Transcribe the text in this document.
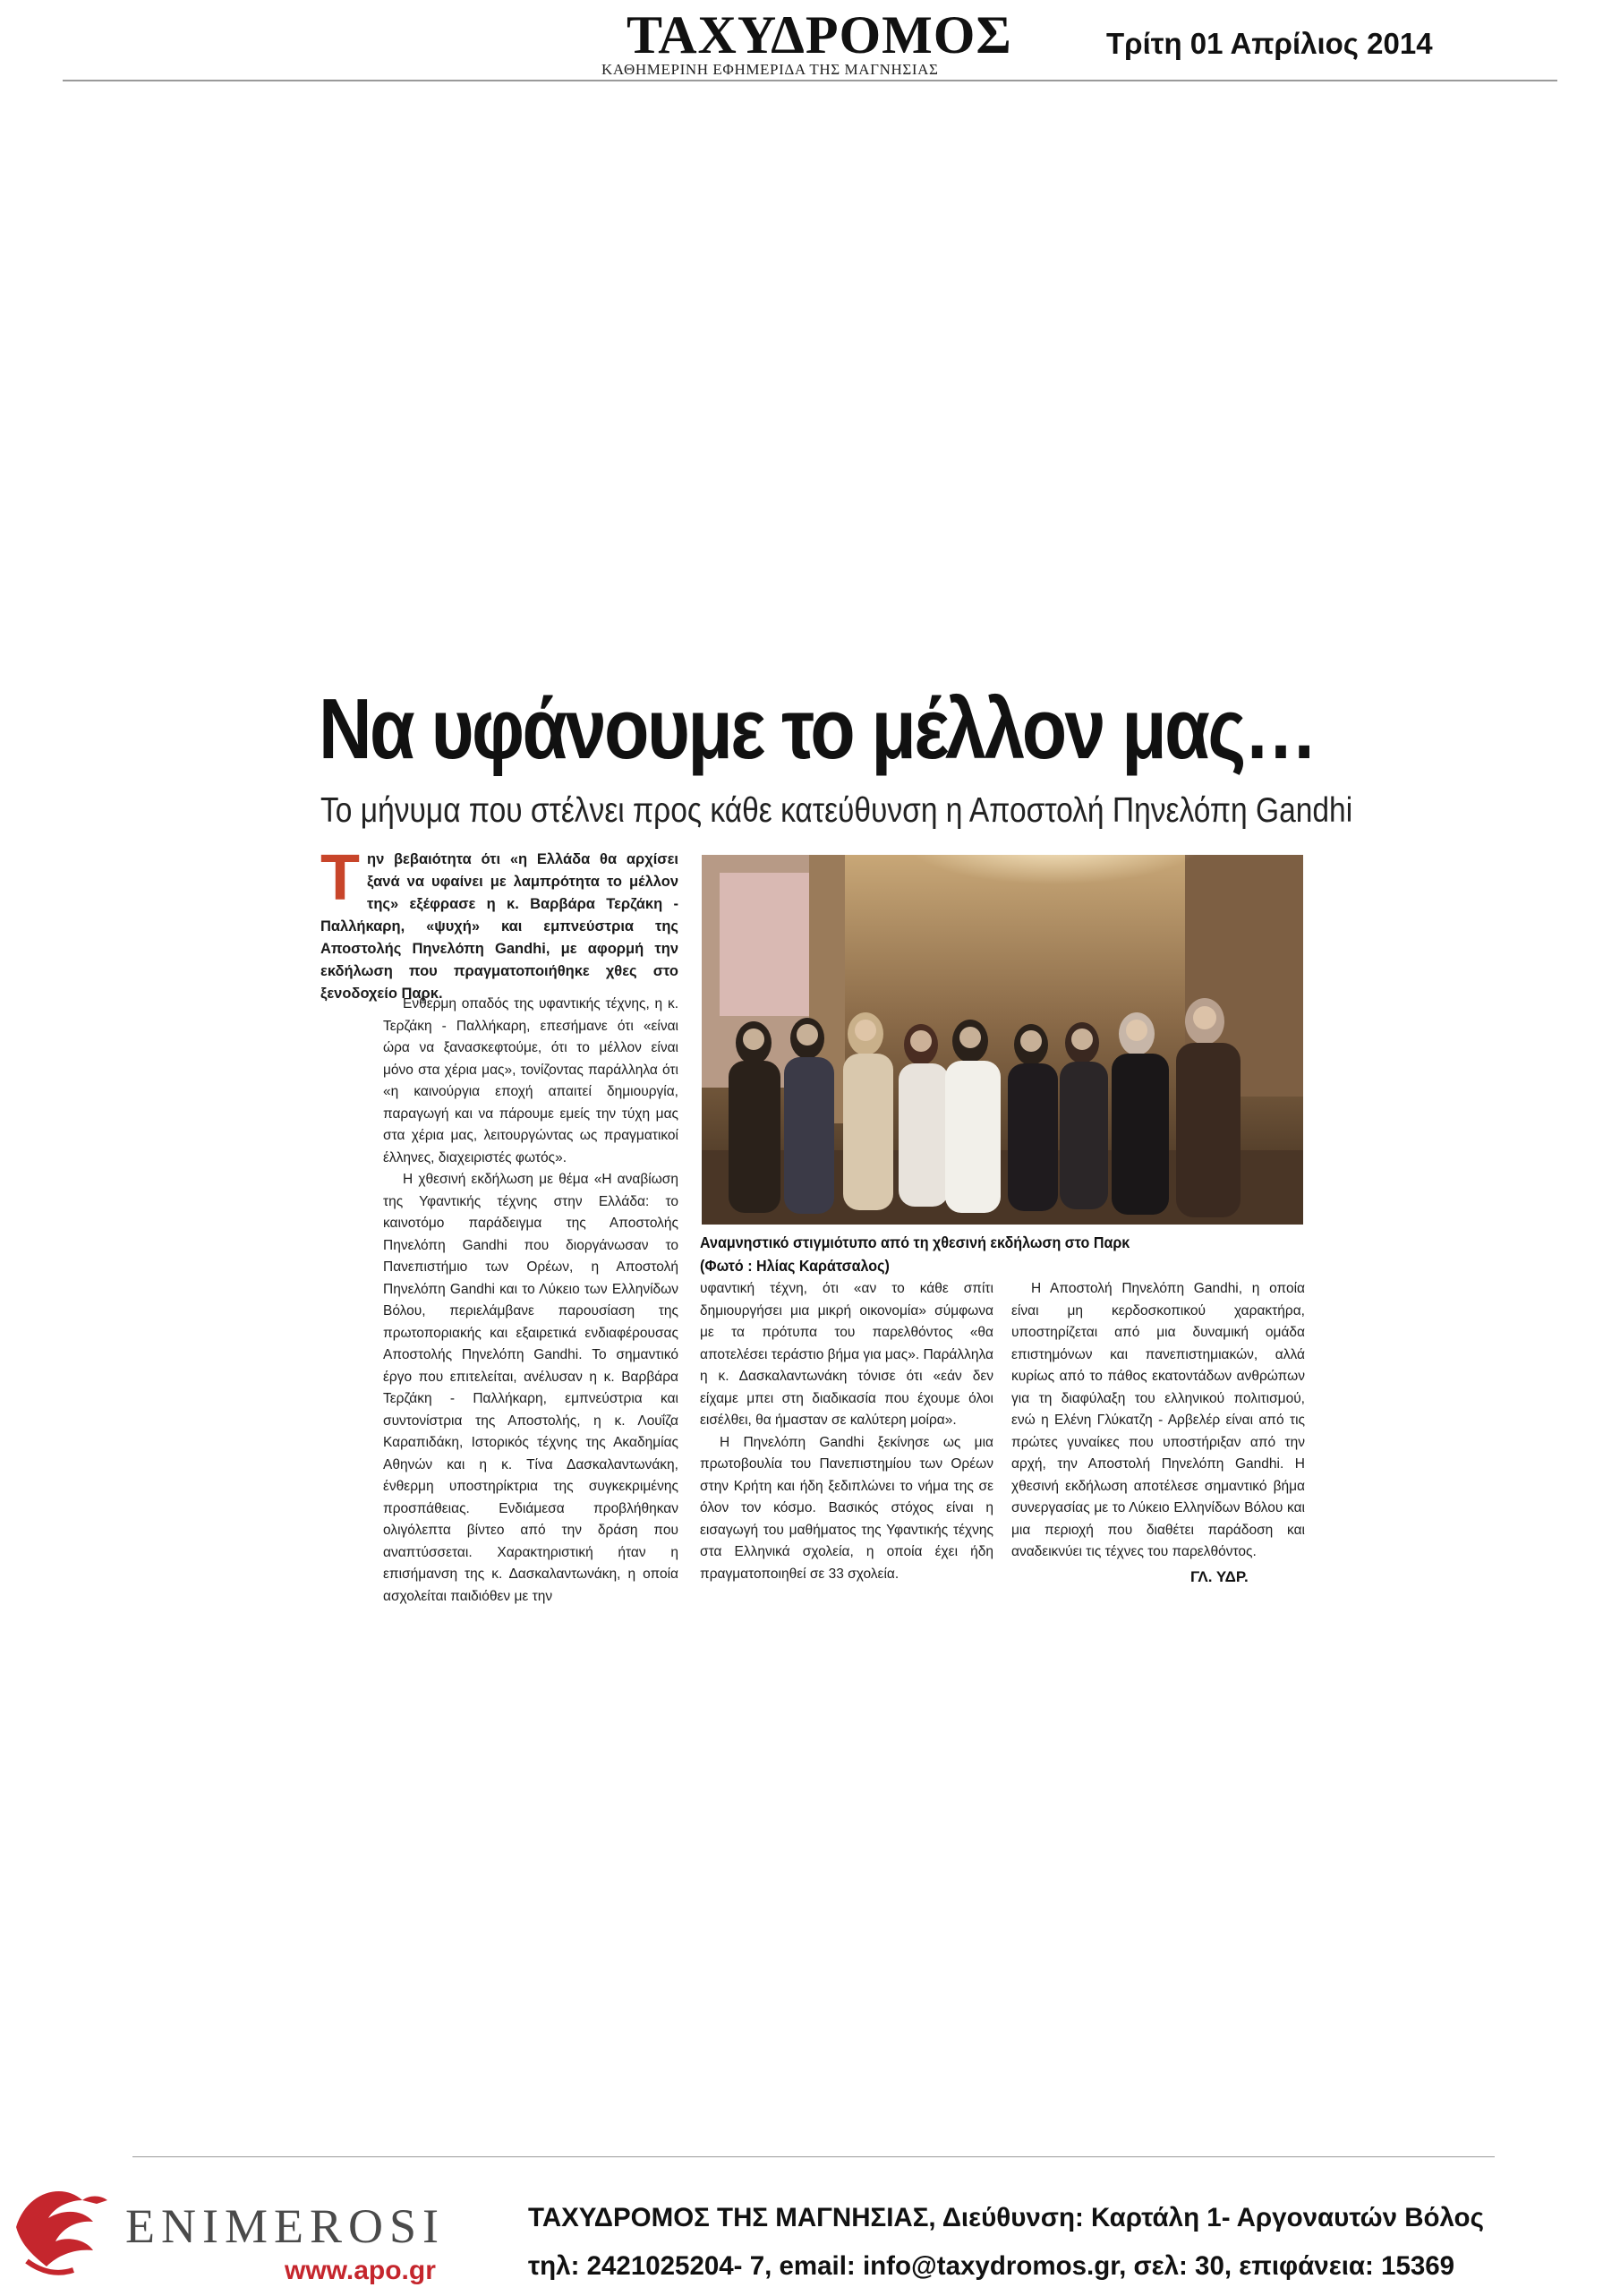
ΤΑΧΥΔΡΟΜΟΣ
ΚΑΘΗΜΕΡΙΝΗ ΕΦΗΜΕΡΙΔΑ ΤΗΣ ΜΑΓΝΗΣΙΑΣ
Τρίτη 01 Απρίλιος 2014
Να υφάνουμε το μέλλον μας…
Το μήνυμα που στέλνει προς κάθε κατεύθυνση η Αποστολή Πηνελόπη Gandhi
Τ ην βεβαιότητα ότι «η Ελλάδα θα αρχίσει ξανά να υφαίνει με λαμπρότητα το μέλλον της» εξέφρασε η κ. Βαρβάρα Τερζάκη - Παλλήκαρη, «ψυχή» και εμπνεύστρια της Αποστολής Πηνελόπη Gandhi, με αφορμή την εκδήλωση που πραγματοποιήθηκε χθες στο ξενοδοχείο Παρκ.

Ενθερμη οπαδός της υφαντικής τέχνης, η κ. Τερζάκη - Παλλήκαρη, επεσήμανε ότι «είναι ώρα να ξανασκεφτούμε, ότι το μέλλον είναι μόνο στα χέρια μας», τονίζοντας παράλληλα ότι «η καινούργια εποχή απαιτεί δημιουργία, παραγωγή και να πάρουμε εμείς την τύχη μας στα χέρια μας, λειτουργώντας ως πραγματικοί έλληνες, διαχειριστές φωτός».

Η χθεσινή εκδήλωση με θέμα «Η αναβίωση της Υφαντικής τέχνης στην Ελλάδα: το καινοτόμο παράδειγμα της Αποστολής Πηνελόπη Gandhi που διοργάνωσαν το Πανεπιστήμιο των Ορέων, η Αποστολή Πηνελόπη Gandhi και το Λύκειο των Ελληνίδων Βόλου, περιελάμβανε παρουσίαση της πρωτοποριακής και εξαιρετικά ενδιαφέρουσας Αποστολής Πηνελόπη Gandhi. Το σημαντικό έργο που επιτελείται, ανέλυσαν η κ. Βαρβάρα Τερζάκη - Παλλήκαρη, εμπνεύστρια και συντονίστρια της Αποστολής, η κ. Λουΐζα Καραπιδάκη, Ιστορικός τέχνης της Ακαδημίας Αθηνών και η κ. Τίνα Δασκαλαντωνάκη, ένθερμη υποστηρίκτρια της συγκεκριμένης προσπάθειας. Ενδιάμεσα προβλήθηκαν ολιγόλεπτα βίντεο από την δράση που αναπτύσσεται. Χαρακτηριστική ήταν η επισήμανση της κ. Δασκαλαντωνάκη, η οποία ασχολείται παιδιόθεν με την

Αναμνηστικό στιγμιότυπο από τη χθεσινή εκδήλωση στο Παρκ
(Φωτό : Ηλίας Καράτσαλος)

υφαντική τέχνη, ότι «αν το κάθε σπίτι δημιουργήσει μια μικρή οικονομία» σύμφωνα με τα πρότυπα του παρελθόντος «θα αποτελέσει τεράστιο βήμα για μας». Παράλληλα η κ. Δασκαλαντωνάκη τόνισε ότι «εάν δεν είχαμε μπει στη διαδικασία που έχουμε όλοι εισέλθει, θα ήμασταν σε καλύτερη μοίρα».

Η Πηνελόπη Gandhi ξεκίνησε ως μια πρωτοβουλία του Πανεπιστημίου των Ορέων στην Κρήτη και ήδη ξεδιπλώνει το νήμα της σε όλον τον κόσμο. Βασικός στόχος είναι η εισαγωγή του μαθήματος της Υφαντικής τέχνης στα Ελληνικά σχολεία, η οποία έχει ήδη πραγματοποιηθεί σε 33 σχολεία.

Η Αποστολή Πηνελόπη Gandhi, η οποία είναι μη κερδοσκοπικού χαρακτήρα, υποστηρίζεται από μια δυναμική ομάδα επιστημόνων και πανεπιστημιακών, αλλά κυρίως από το πάθος εκατοντάδων ανθρώπων για τη διαφύλαξη του ελληνικού πολιτισμού, ενώ η Ελένη Γλύκατζη - Αρβελέρ είναι από τις πρώτες γυναίκες που υποστήριξαν από την αρχή, την Αποστολή Πηνελόπη Gandhi. Η χθεσινή εκδήλωση αποτέλεσε σημαντικό βήμα συνεργασίας με το Λύκειο Ελληνίδων Βόλου και μια περιοχή που διαθέτει παράδοση και αναδεικνύει τις τέχνες του παρελθόντος.

ΓΛ. ΥΔΡ.
ENIMEROSI
www.apo.gr
ΤΑΧΥΔΡΟΜΟΣ ΤΗΣ ΜΑΓΝΗΣΙΑΣ, Διεύθυνση: Καρτάλη 1- Αργοναυτών Βόλος
τηλ: 2421025204- 7, email: info@taxydromos.gr, σελ: 30, επιφάνεια: 15369
